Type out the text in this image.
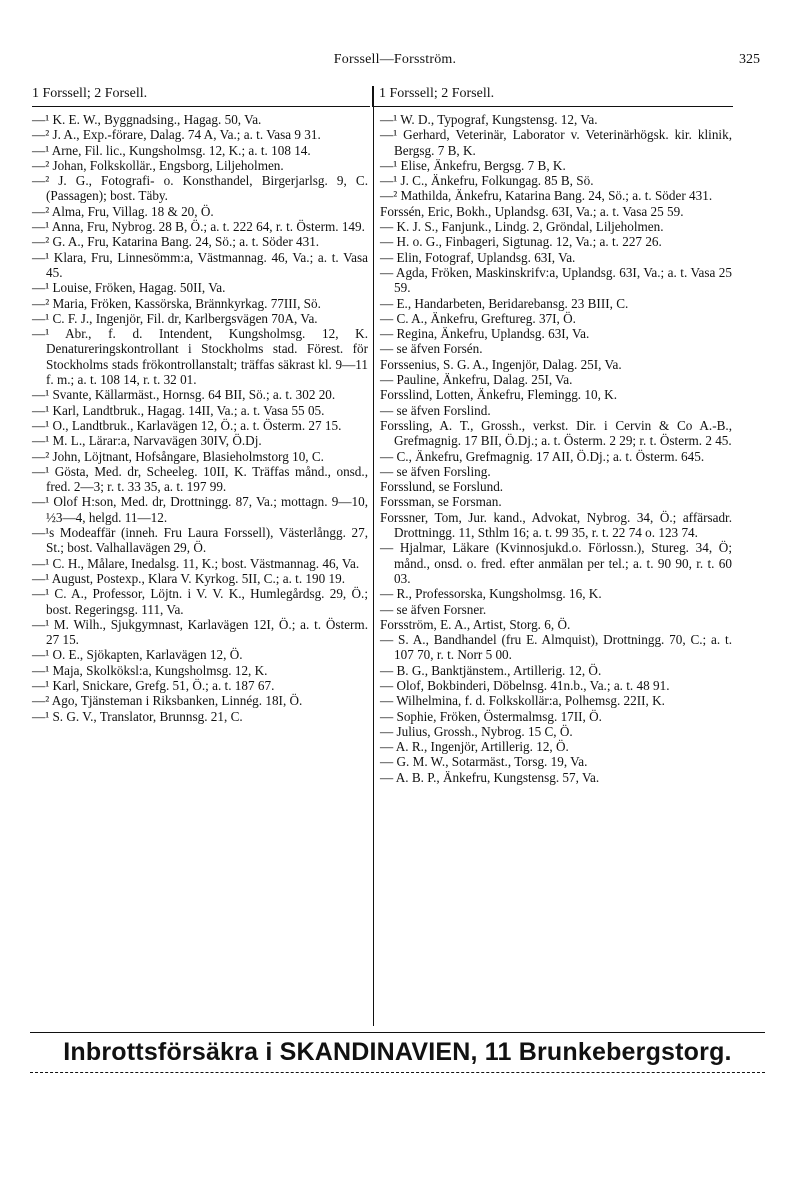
Forssell—Forsström.	325
1 Forssell; 2 Forsell.	1 Forssell; 2 Forsell.

—¹ K. E. W., Byggnadsing., Hagag. 50, Va.

—² J. A., Exp.-förare, Dalag. 74 A, Va.; a. t. Vasa 9 31.

—¹ Arne, Fil. lic., Kungsholmsg. 12, K.; a. t. 108 14.

—² Johan, Folkskollär., Engsborg, Liljeholmen.

—² J. G., Fotografi- o. Konsthandel, Birgerjarlsg. 9, C. (Passagen); bost. Täby.

—² Alma, Fru, Villag. 18 & 20, Ö.

—¹ Anna, Fru, Nybrog. 28 B, Ö.; a. t. 222 64, r. t. Österm. 149.

—² G. A., Fru, Katarina Bang. 24, Sö.; a. t. Söder 431.

—¹ Klara, Fru, Linnesömm:a, Västmannag. 46, Va.; a. t. Vasa 45.

—¹ Louise, Fröken, Hagag. 50II, Va.

—² Maria, Fröken, Kassörska, Brännkyrkag. 77III, Sö.

—¹ C. F. J., Ingenjör, Fil. dr, Karlbergsvägen 70A, Va.

—¹ Abr., f. d. Intendent, Kungsholmsg. 12, K. Denatureringskontrollant i Stockholms stad. Förest. för Stockholms stads frökontrollanstalt; träffas säkrast kl. 9—11 f. m.; a. t. 108 14, r. t. 32 01.

—¹ Svante, Källarmäst., Hornsg. 64 BII, Sö.; a. t. 302 20.

—¹ Karl, Landtbruk., Hagag. 14II, Va.; a. t. Vasa 55 05.

—¹ O., Landtbruk., Karlavägen 12, Ö.; a. t. Österm. 27 15.

—¹ M. L., Lärar:a, Narvavägen 30IV, Ö.Dj.

—² John, Löjtnant, Hofsångare, Blasieholmstorg 10, C.

—¹ Gösta, Med. dr, Scheeleg. 10II, K. Träffas månd., onsd., fred. 2—3; r. t. 33 35, a. t. 197 99.

—¹ Olof H:son, Med. dr, Drottningg. 87, Va.; mottagn. 9—10, ½3—4, helgd. 11—12.

—¹s Modeaffär (inneh. Fru Laura Forssell), Västerlångg. 27, St.; bost. Valhallavägen 29, Ö.

—¹ C. H., Målare, Inedalsg. 11, K.; bost. Västmannag. 46, Va.

—¹ August, Postexp., Klara V. Kyrkog. 5II, C.; a. t. 190 19.

—¹ C. A., Professor, Löjtn. i V. V. K., Humlegårdsg. 29, Ö.; bost. Regeringsg. 111, Va.

—¹ M. Wilh., Sjukgymnast, Karlavägen 12I, Ö.; a. t. Österm. 27 15.

—¹ O. E., Sjökapten, Karlavägen 12, Ö.

—¹ Maja, Skolköksl:a, Kungsholmsg. 12, K.

—¹ Karl, Snickare, Grefg. 51, Ö.; a. t. 187 67.

—² Ago, Tjänsteman i Riksbanken, Linnég. 18I, Ö.

—¹ S. G. V., Translator, Brunnsg. 21, C.

—¹ W. D., Typograf, Kungstensg. 12, Va.

—¹ Gerhard, Veterinär, Laborator v. Veterinärhögsk. kir. klinik, Bergsg. 7 B, K.

—¹ Elise, Änkefru, Bergsg. 7 B, K.

—¹ J. C., Änkefru, Folkungag. 85 B, Sö.

—² Mathilda, Änkefru, Katarina Bang. 24, Sö.; a. t. Söder 431.

Forssén, Eric, Bokh., Uplandsg. 63I, Va.; a. t. Vasa 25 59.

— K. J. S., Fanjunk., Lindg. 2, Gröndal, Liljeholmen.

— H. o. G., Finbageri, Sigtunag. 12, Va.; a. t. 227 26.

— Elin, Fotograf, Uplandsg. 63I, Va.

— Agda, Fröken, Maskinskrifv:a, Uplandsg. 63I, Va.; a. t. Vasa 25 59.

— E., Handarbeten, Beridarebansg. 23 BIII, C.

— C. A., Änkefru, Greftureg. 37I, Ö.

— Regina, Änkefru, Uplandsg. 63I, Va.

— se äfven Forsén.

Forssenius, S. G. A., Ingenjör, Dalag. 25I, Va.

— Pauline, Änkefru, Dalag. 25I, Va.

Forsslind, Lotten, Änkefru, Flemingg. 10, K.

— se äfven Forslind.

Forssling, A. T., Grossh., verkst. Dir. i Cervin & Co A.-B., Grefmagnig. 17 BII, Ö.Dj.; a. t. Österm. 2 29; r. t. Österm. 2 45.

— C., Änkefru, Grefmagnig. 17 AII, Ö.Dj.; a. t. Österm. 645.

— se äfven Forsling.

Forsslund, se Forslund.

Forssman, se Forsman.

Forssner, Tom, Jur. kand., Advokat, Nybrog. 34, Ö.; affärsadr. Drottningg. 11, Sthlm 16; a. t. 99 35, r. t. 22 74 o. 123 74.

— Hjalmar, Läkare (Kvinnosjukd.o. Förlossn.), Stureg. 34, Ö; månd., onsd. o. fred. efter anmälan per tel.; a. t. 90 90, r. t. 60 03.

— R., Professorska, Kungsholmsg. 16, K.

— se äfven Forsner.

Forsström, E. A., Artist, Storg. 6, Ö.

— S. A., Bandhandel (fru E. Almquist), Drottningg. 70, C.; a. t. 107 70, r. t. Norr 5 00.

— B. G., Banktjänstem., Artillerig. 12, Ö.

— Olof, Bokbinderi, Döbelnsg. 41n.b., Va.; a. t. 48 91.

— Wilhelmina, f. d. Folkskollär:a, Polhemsg. 22II, K.

— Sophie, Fröken, Östermalmsg. 17II, Ö.

— Julius, Grossh., Nybrog. 15 C, Ö.

— A. R., Ingenjör, Artillerig. 12, Ö.

— G. M. W., Sotarmäst., Torsg. 19, Va.

— A. B. P., Änkefru, Kungstensg. 57, Va.

Inbrottsförsäkra i SKANDINAVIEN, 11 Brunkebergstorg.
